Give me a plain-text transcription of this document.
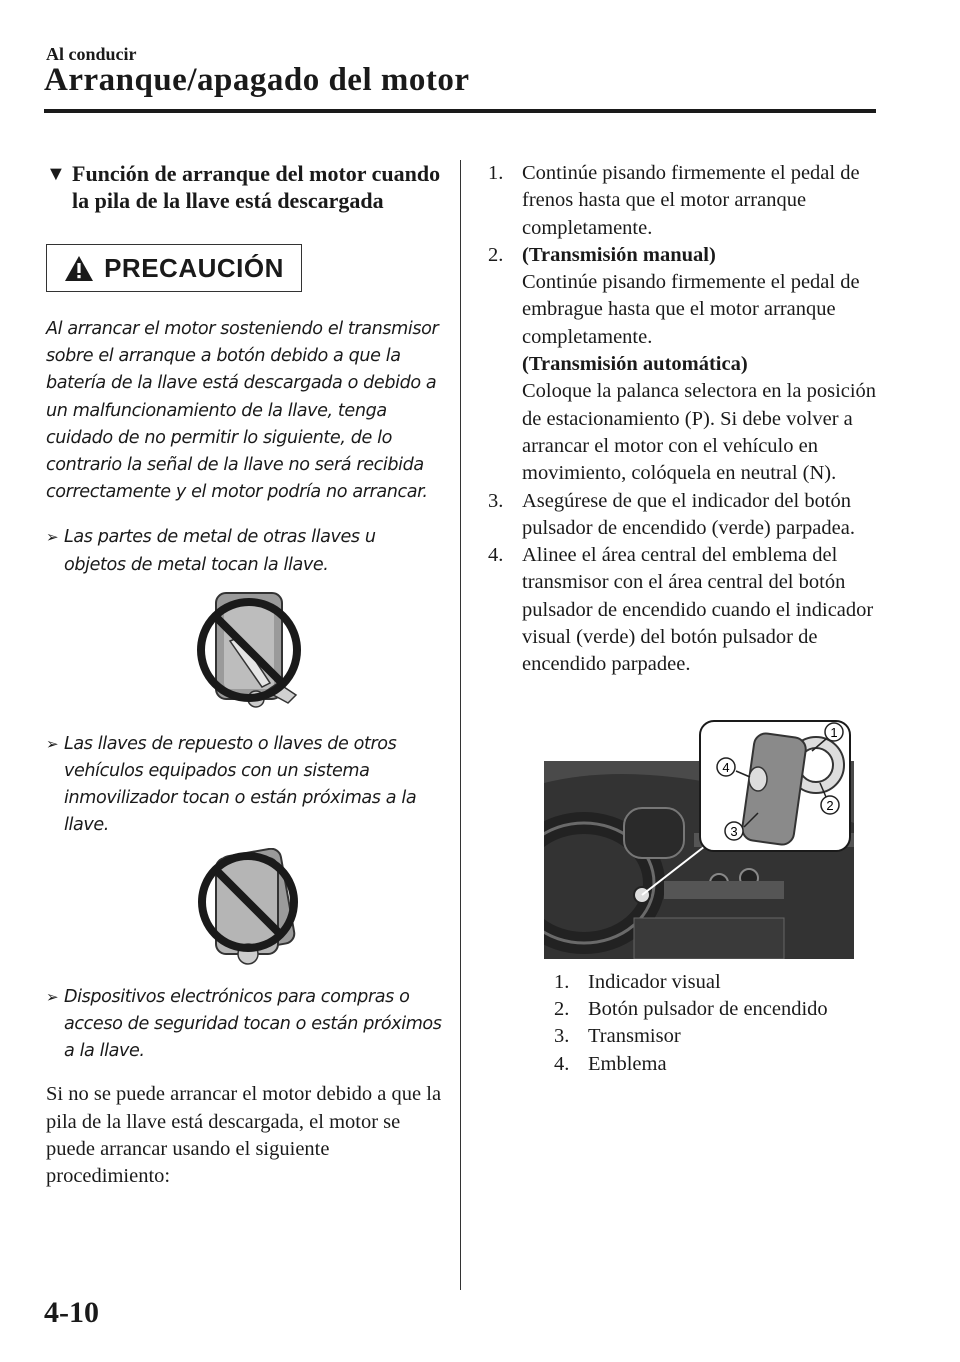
Al conducir
Arranque/apagado del motor
▼ Función de arranque del motor cuando la pila de la llave está descargada
PRECAUCIÓN

Al arrancar el motor sosteniendo el transmisor sobre el arranque a botón debido a que la batería de la llave está descargada o debido a un malfuncionamiento de la llave, tenga cuidado de no permitir lo siguiente, de lo contrario la señal de la llave no será recibida correctamente y el motor podría no arrancar.

➢ Las partes de metal de otras llaves u objetos de metal tocan la llave.
➢ Las llaves de repuesto o llaves de otros vehículos equipados con un sistema inmovilizador tocan o están próximas a la llave.
➢ Dispositivos electrónicos para compras o acceso de seguridad tocan o están próximos a la llave.

Si no se puede arrancar el motor debido a que la pila de la llave está descargada, el motor se puede arrancar usando el siguiente procedimiento:

1. Continúe pisando firmemente el pedal de frenos hasta que el motor arranque completamente.
2. (Transmisión manual)
Continúe pisando firmemente el pedal de embrague hasta que el motor arranque completamente.
(Transmisión automática)
Coloque la palanca selectora en la posición de estacionamiento (P). Si debe volver a arrancar el motor con el vehículo en movimiento, colóquela en neutral (N).
3. Asegúrese de que el indicador del botón pulsador de encendido (verde) parpadea.
4. Alinee el área central del emblema del transmisor con el área central del botón pulsador de encendido cuando el indicador visual (verde) del botón pulsador de encendido parpadee.
1
2
3
4
1. Indicador visual
2. Botón pulsador de encendido
3. Transmisor
4. Emblema
4-10
